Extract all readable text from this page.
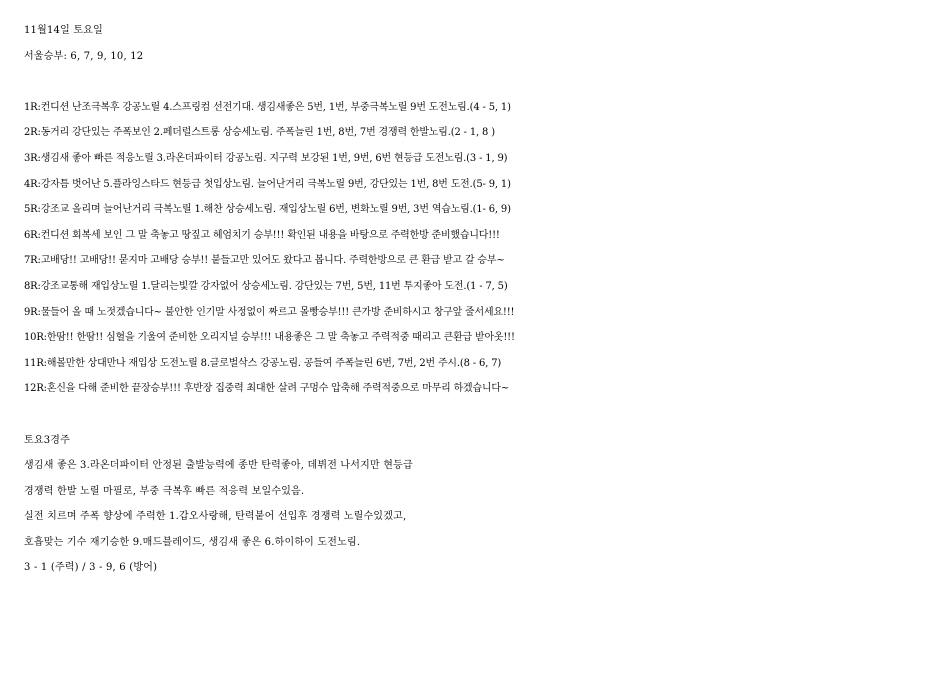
11월14일 토요일
서울승부: 6, 7, 9, 10, 12
1R:컨디션 난조극복후 강공노릴 4.스프링컴 선전기대. 생김새좋은 5번, 1번, 부중극복노릴 9번 도전노림.(4 - 5, 1)
2R:동거리 강단있는 주폭보인 2.페더럴스트롱 상승세노림. 주폭늘린 1번, 8번, 7번 경쟁력 한발노림.(2 - 1, 8 )
3R:생김새 좋아 빠른 적응노릴 3.라온더파이터 강공노림. 지구력 보강된 1번, 9번, 6번 현등급 도전노림.(3 - 1, 9)
4R:강자틈 벗어난 5.플라잉스타드 현등급 첫입상노림. 늘어난거리 극복노릴 9번, 강단있는 1번, 8번 도전.(5- 9, 1)
5R:강조교 올리며 늘어난거리 극복노릴 1.해찬 상승세노림. 재입상노릴 6번, 변화노릴 9번, 3번 역습노림.(1- 6, 9)
6R:컨디션 회복세 보인 그 말 축놓고 땅짚고 헤엄치기 승부!!! 확인된 내용을 바탕으로 주력한방 준비했습니다!!!
7R:고배당!! 고배당!! 묻지마 고배당 승부!! 붙들고만 있어도 왔다고 봅니다. 주력한방으로 큰 환급 받고 갈 승부~
8R:강조교통해 재입상노릴 1.달리는빛깔 강자없어 상승세노림. 강단있는 7번, 5번, 11번 투지좋아 도전.(1 - 7, 5)
9R:물들어 올 때 노젓겠습니다~ 불안한 인기말 사정없이 짜르고 몰빵승부!!! 큰가방 준비하시고 창구앞 줄서세요!!!
10R:한땀!! 한땀!! 심혈을 기울여 준비한 오리지널 승부!!! 내용좋은 그 말 축놓고 주력적중 때리고 큰환급 받아옷!!!
11R:해볼만한 상대만나 재입상 도전노릴 8.글로벌삭스 강공노림. 공들여 주폭늘린 6번, 7번, 2번 주시.(8 - 6, 7)
12R:혼신을 다해 준비한 끝장승부!!! 후반장 집중력 최대한 살려 구멍수 압축해 주력적중으로 마무리 하겠습니다~
토요3경주
생김새 좋은 3.라온더파이터 안정된 출발능력에 종반 탄력좋아, 데뷔전 나서지만 현등급
경쟁력 한발 노릴 마필로, 부중 극복후 빠른 적응력 보일수있음.
실전 치르며 주폭 향상에 주력한 1.갑오사랑해, 탄력붙어 선입후 경쟁력 노릴수있겠고,
호흡맞는 기수 재기승한 9.매드블레이드, 생김새 좋은 6.하이하이 도전노림.
3 - 1 (주력) / 3 - 9, 6 (방어)
